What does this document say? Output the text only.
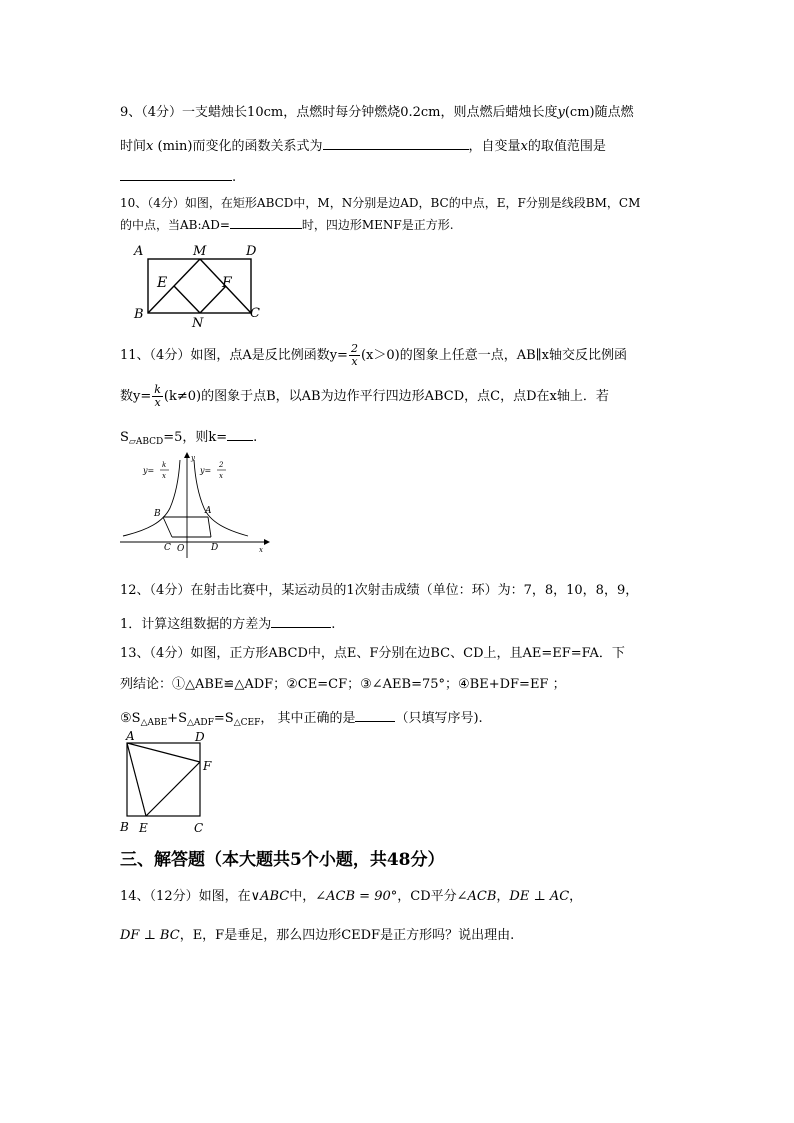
9、（4分）一支蜡烛长10cm，点燃时每分钟燃烧0.2cm，则点燃后蜡烛长度y(cm)随点燃
时间x (min)而变化的函数关系式为	，自变量x的取值范围是
.
10、（4分）如图，在矩形ABCD中，M，N分别是边AD，BC的中点，E，F分别是线段BM，CM
的中点，当AB:AD=	时，四边形MENF是正方形.
A	M	D
E	F
B
N
C
11、（4分）如图，点A是反比例函数$y= \frac{2}{x} (x>0)$的图象上任意一点，AB∥x轴交反比例函
数$y= \frac{k}{x} (k\ne 0)$的图象于点B，以AB为边作平行四边形ABCD，点C，点D在x轴上．若
$S_{▱ABCD}=5$，则k= .
y=
k
x
y=
2
x
y
x
B	A
C O	D
12、（4分）在射击比赛中，某运动员的1次射击成绩（单位：环）为：7，8，10，8，9，
1．计算这组数据的方差为	.
13、（4分）如图，正方形ABCD中，点E、F分别在边BC、CD上，且AE=EF=FA．下
列结论：①△ABE≌△ADF；②CE=CF；③∠AEB=75°；④BE+DF=EF ；
$⑤S_{\triangle ABE}+S_{\triangle ADF}=S_{\triangle CEF}$， 其中正确的是	（只填写序号).
A	D
F
B E	C
三、解答题（本大题共5个小题，共48分）
14、（12分）如图，在∨ABC中，∠ACB = 90°，CD平分∠ACB，DE ⊥ AC，
DF ⊥ BC，E，F是垂足，那么四边形CEDF是正方形吗？说出理由.
